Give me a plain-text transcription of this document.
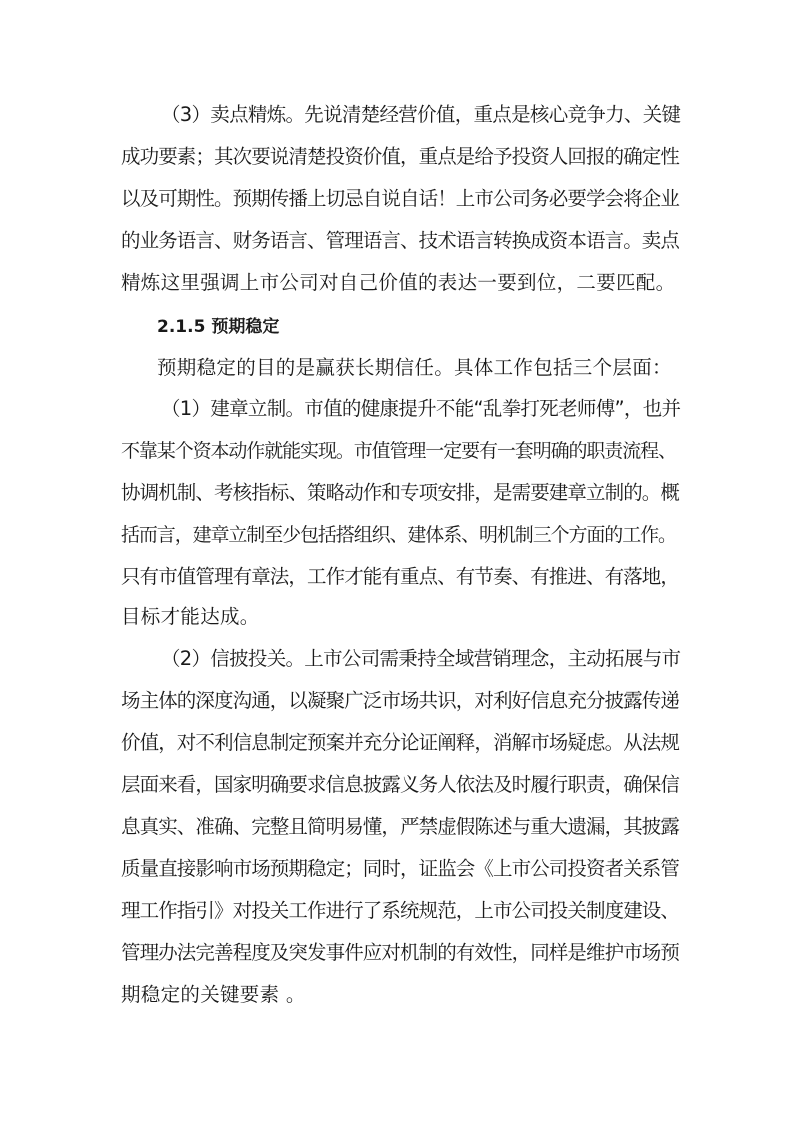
（3）卖点精炼。先说清楚经营价值，重点是核心竞争力、关键
成功要素；其次要说清楚投资价值，重点是给予投资人回报的确定性
以及可期性。预期传播上切忌自说自话！上市公司务必要学会将企业
的业务语言、财务语言、管理语言、技术语言转换成资本语言。卖点
精炼这里强调上市公司对自己价值的表达一要到位，二要匹配。
2.1.5 预期稳定
预期稳定的目的是赢获长期信任。具体工作包括三个层面：
（1）建章立制。市值的健康提升不能“乱拳打死老师傅”，也并
不靠某个资本动作就能实现。市值管理一定要有一套明确的职责流程、
协调机制、考核指标、策略动作和专项安排，是需要建章立制的。概
括而言，建章立制至少包括搭组织、建体系、明机制三个方面的工作。
只有市值管理有章法，工作才能有重点、有节奏、有推进、有落地，
目标才能达成。
（2）信披投关。上市公司需秉持全域营销理念，主动拓展与市
场主体的深度沟通，以凝聚广泛市场共识，对利好信息充分披露传递
价值，对不利信息制定预案并充分论证阐释，消解市场疑虑。从法规
层面来看，国家明确要求信息披露义务人依法及时履行职责，确保信
息真实、准确、完整且简明易懂，严禁虚假陈述与重大遗漏，其披露
质量直接影响市场预期稳定；同时，证监会《上市公司投资者关系管
理工作指引》对投关工作进行了系统规范，上市公司投关制度建设、
管理办法完善程度及突发事件应对机制的有效性，同样是维护市场预
期稳定的关键要素 。
